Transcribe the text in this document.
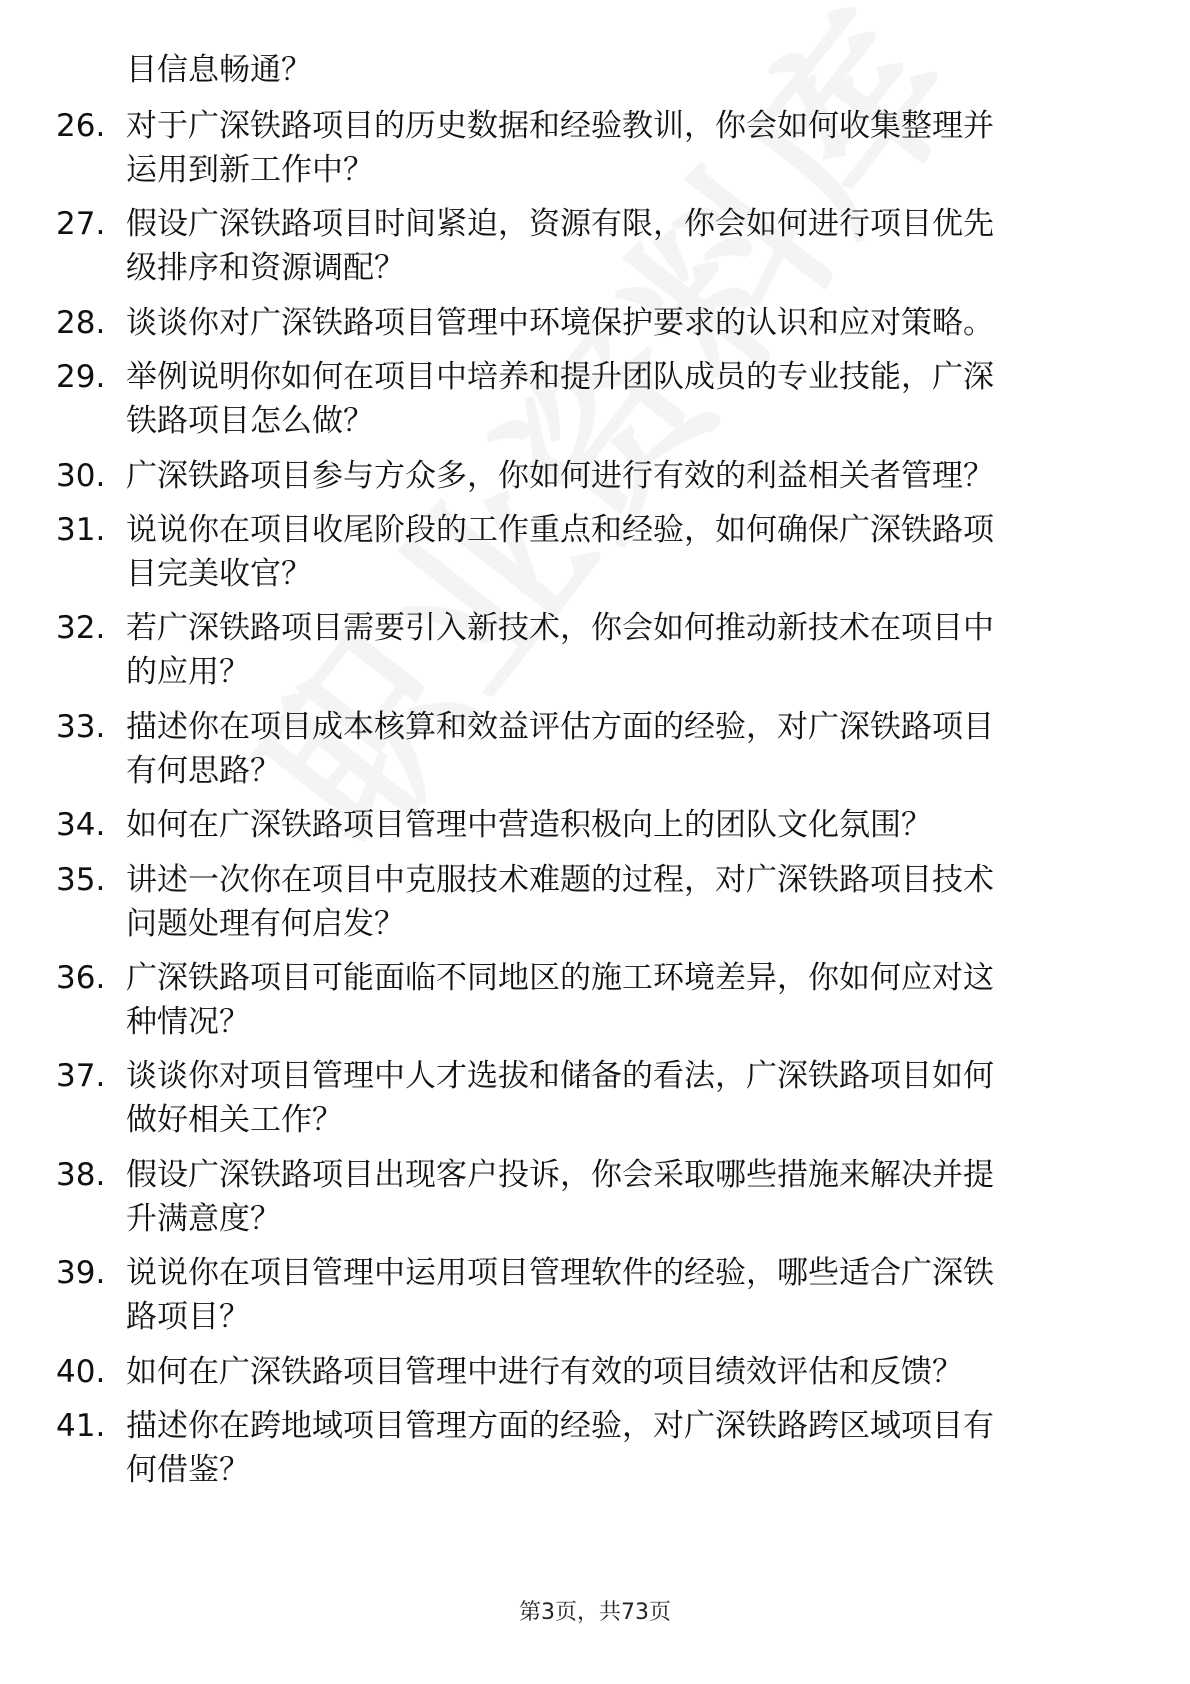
目信息畅通？
26. 对于广深铁路项目的历史数据和经验教训，你会如何收集整理并
运用到新工作中？
27. 假设广深铁路项目时间紧迫，资源有限，你会如何进行项目优先
级排序和资源调配？
28. 谈谈你对广深铁路项目管理中环境保护要求的认识和应对策略。
29. 举例说明你如何在项目中培养和提升团队成员的专业技能，广深
铁路项目怎么做？
30. 广深铁路项目参与方众多，你如何进行有效的利益相关者管理？
31. 说说你在项目收尾阶段的工作重点和经验，如何确保广深铁路项
目完美收官？
32. 若广深铁路项目需要引入新技术，你会如何推动新技术在项目中
的应用？
33. 描述你在项目成本核算和效益评估方面的经验，对广深铁路项目
有何思路？
34. 如何在广深铁路项目管理中营造积极向上的团队文化氛围？
35. 讲述一次你在项目中克服技术难题的过程，对广深铁路项目技术
问题处理有何启发？
36. 广深铁路项目可能面临不同地区的施工环境差异，你如何应对这
种情况？
37. 谈谈你对项目管理中人才选拔和储备的看法，广深铁路项目如何
做好相关工作？
38. 假设广深铁路项目出现客户投诉，你会采取哪些措施来解决并提
升满意度？
39. 说说你在项目管理中运用项目管理软件的经验，哪些适合广深铁
路项目？
40. 如何在广深铁路项目管理中进行有效的项目绩效评估和反馈？
41. 描述你在跨地域项目管理方面的经验，对广深铁路跨区域项目有
何借鉴？
第3页，共73页
